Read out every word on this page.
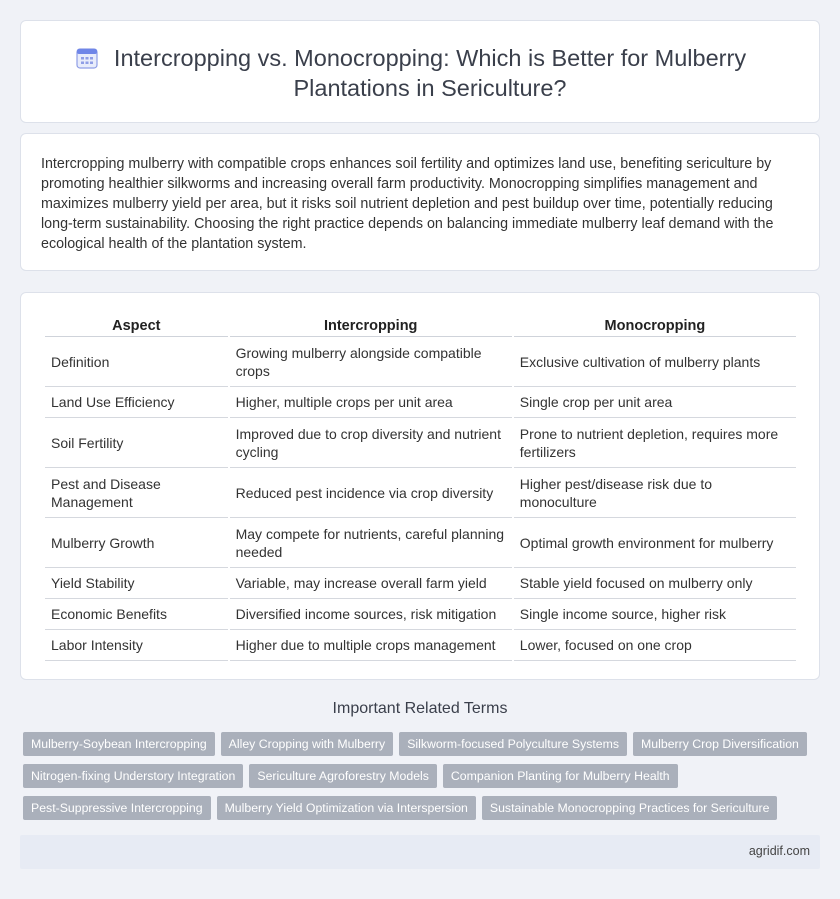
Intercropping vs. Monocropping: Which is Better for Mulberry Plantations in Sericulture?

Intercropping mulberry with compatible crops enhances soil fertility and optimizes land use, benefiting sericulture by promoting healthier silkworms and increasing overall farm productivity. Monocropping simplifies management and maximizes mulberry yield per area, but it risks soil nutrient depletion and pest buildup over time, potentially reducing long-term sustainability. Choosing the right practice depends on balancing immediate mulberry leaf demand with the ecological health of the plantation system.

Aspect	Intercropping	Monocropping
Definition	Growing mulberry alongside compatible crops	Exclusive cultivation of mulberry plants
Land Use Efficiency	Higher, multiple crops per unit area	Single crop per unit area
Soil Fertility	Improved due to crop diversity and nutrient cycling	Prone to nutrient depletion, requires more fertilizers
Pest and Disease Management	Reduced pest incidence via crop diversity	Higher pest/disease risk due to monoculture
Mulberry Growth	May compete for nutrients, careful planning needed	Optimal growth environment for mulberry
Yield Stability	Variable, may increase overall farm yield	Stable yield focused on mulberry only
Economic Benefits	Diversified income sources, risk mitigation	Single income source, higher risk
Labor Intensity	Higher due to multiple crops management	Lower, focused on one crop
Important Related Terms
Mulberry-Soybean Intercropping	Alley Cropping with Mulberry	Silkworm-focused Polyculture Systems	Mulberry Crop Diversification
Nitrogen-fixing Understory Integration	Sericulture Agroforestry Models	Companion Planting for Mulberry Health
Pest-Suppressive Intercropping	Mulberry Yield Optimization via Interspersion	Sustainable Monocropping Practices for Sericulture
agridif.com
